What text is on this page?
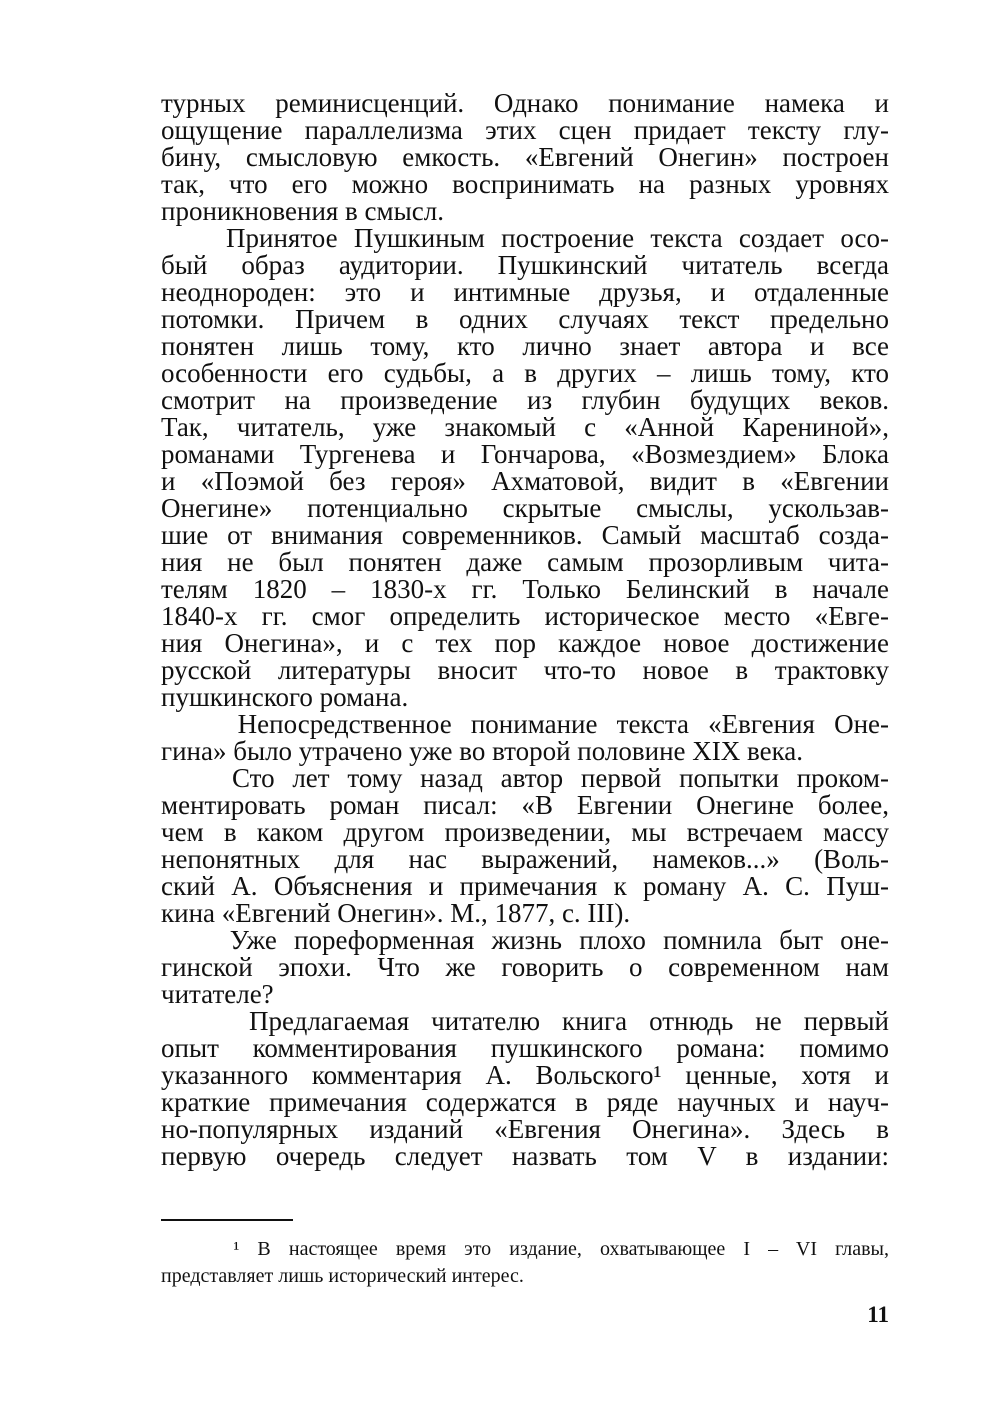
турных реминисценций. Однако понимание намека и
ощущение параллелизма этих сцен придает тексту глу-
бину, смысловую емкость. «Евгений Онегин» построен
так, что его можно воспринимать на разных уровнях
проникновения в смысл.
Принятое Пушкиным построение текста создает осо-
бый образ аудитории. Пушкинский читатель всегда
неоднороден: это и интимные друзья, и отдаленные
потомки. Причем в одних случаях текст предельно
понятен лишь тому, кто лично знает автора и все
особенности его судьбы, а в других – лишь тому, кто
смотрит на произведение из глубин будущих веков.
Так, читатель, уже знакомый с «Анной Карениной»,
романами Тургенева и Гончарова, «Возмездием» Блока
и «Поэмой без героя» Ахматовой, видит в «Евгении
Онегине» потенциально скрытые смыслы, ускользав-
шие от внимания современников. Самый масштаб созда-
ния не был понятен даже самым прозорливым чита-
телям 1820 – 1830-х гг. Только Белинский в начале
1840-х гг. смог определить историческое место «Евге-
ния Онегина», и с тех пор каждое новое достижение
русской литературы вносит что-то новое в трактовку
пушкинского романа.
Непосредственное понимание текста «Евгения Оне-
гина» было утрачено уже во второй половине XIX века.
Сто лет тому назад автор первой попытки проком-
ментировать роман писал: «В Евгении Онегине более,
чем в каком другом произведении, мы встречаем массу
непонятных для нас выражений, намеков...» (Воль-
ский А. Объяснения и примечания к роману А. С. Пуш-
кина «Евгений Онегин». М., 1877, с. III).
Уже пореформенная жизнь плохо помнила быт оне-
гинской эпохи. Что же говорить о современном нам
читателе?
Предлагаемая читателю книга отнюдь не первый
опыт комментирования пушкинского романа: помимо
указанного комментария А. Вольского¹ ценные, хотя и
краткие примечания содержатся в ряде научных и науч-
но-популярных изданий «Евгения Онегина». Здесь в
первую очередь следует назвать том V в издании:
¹ В настоящее время это издание, охватывающее I – VI главы,
представляет лишь исторический интерес.
11
